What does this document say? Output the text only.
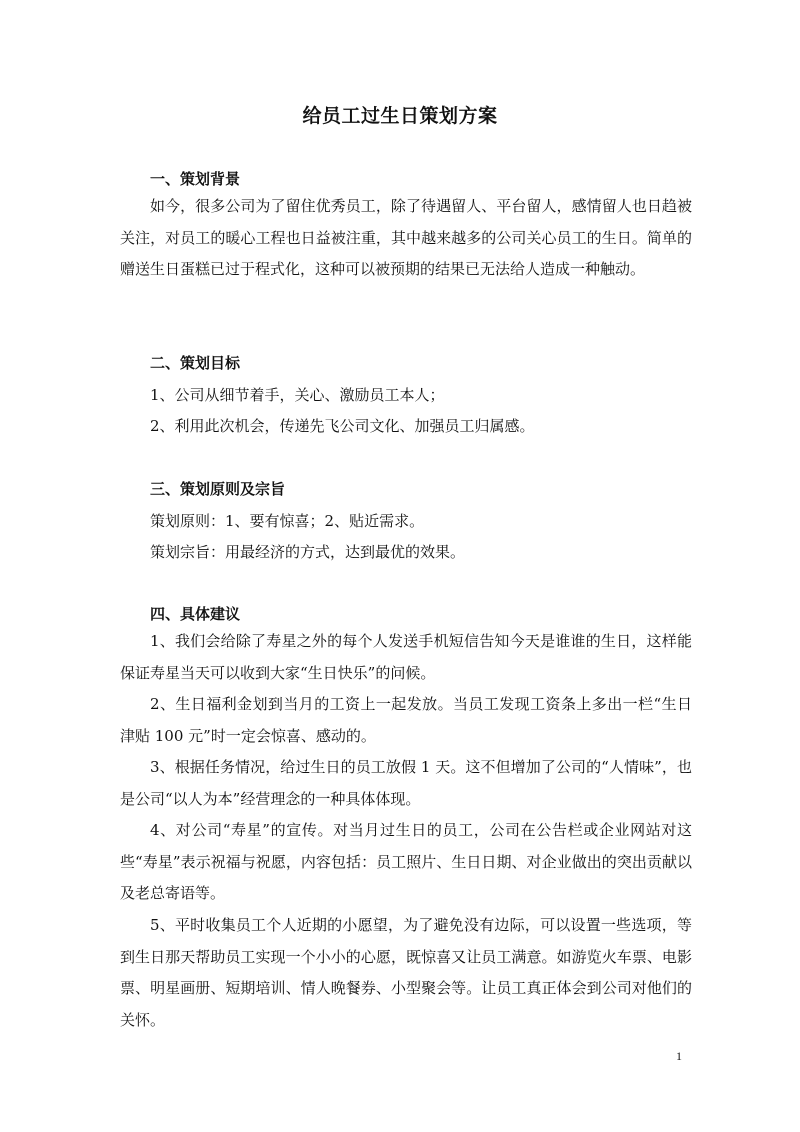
给员工过生日策划方案
一、策划背景

如今，很多公司为了留住优秀员工，除了待遇留人、平台留人，感情留人也日趋被关注，对员工的暖心工程也日益被注重，其中越来越多的公司关心员工的生日。简单的赠送生日蛋糕已过于程式化，这种可以被预期的结果已无法给人造成一种触动。

二、策划目标

1、公司从细节着手，关心、激励员工本人；

2、利用此次机会，传递先飞公司文化、加强员工归属感。

三、策划原则及宗旨

策划原则：1、要有惊喜；2、贴近需求。

策划宗旨：用最经济的方式，达到最优的效果。

四、具体建议

1、我们会给除了寿星之外的每个人发送手机短信告知今天是谁谁的生日，这样能保证寿星当天可以收到大家“生日快乐”的问候。

2、生日福利金划到当月的工资上一起发放。当员工发现工资条上多出一栏“生日津贴 100 元”时一定会惊喜、感动的。

3、根据任务情况，给过生日的员工放假 1 天。这不但增加了公司的“人情味”，也是公司“以人为本”经营理念的一种具体体现。

4、对公司“寿星”的宣传。对当月过生日的员工，公司在公告栏或企业网站对这些“寿星”表示祝福与祝愿，内容包括：员工照片、生日日期、对企业做出的突出贡献以及老总寄语等。

5、平时收集员工个人近期的小愿望，为了避免没有边际，可以设置一些选项，等到生日那天帮助员工实现一个小小的心愿，既惊喜又让员工满意。如游览火车票、电影票、明星画册、短期培训、情人晚餐券、小型聚会等。让员工真正体会到公司对他们的关怀。

1
